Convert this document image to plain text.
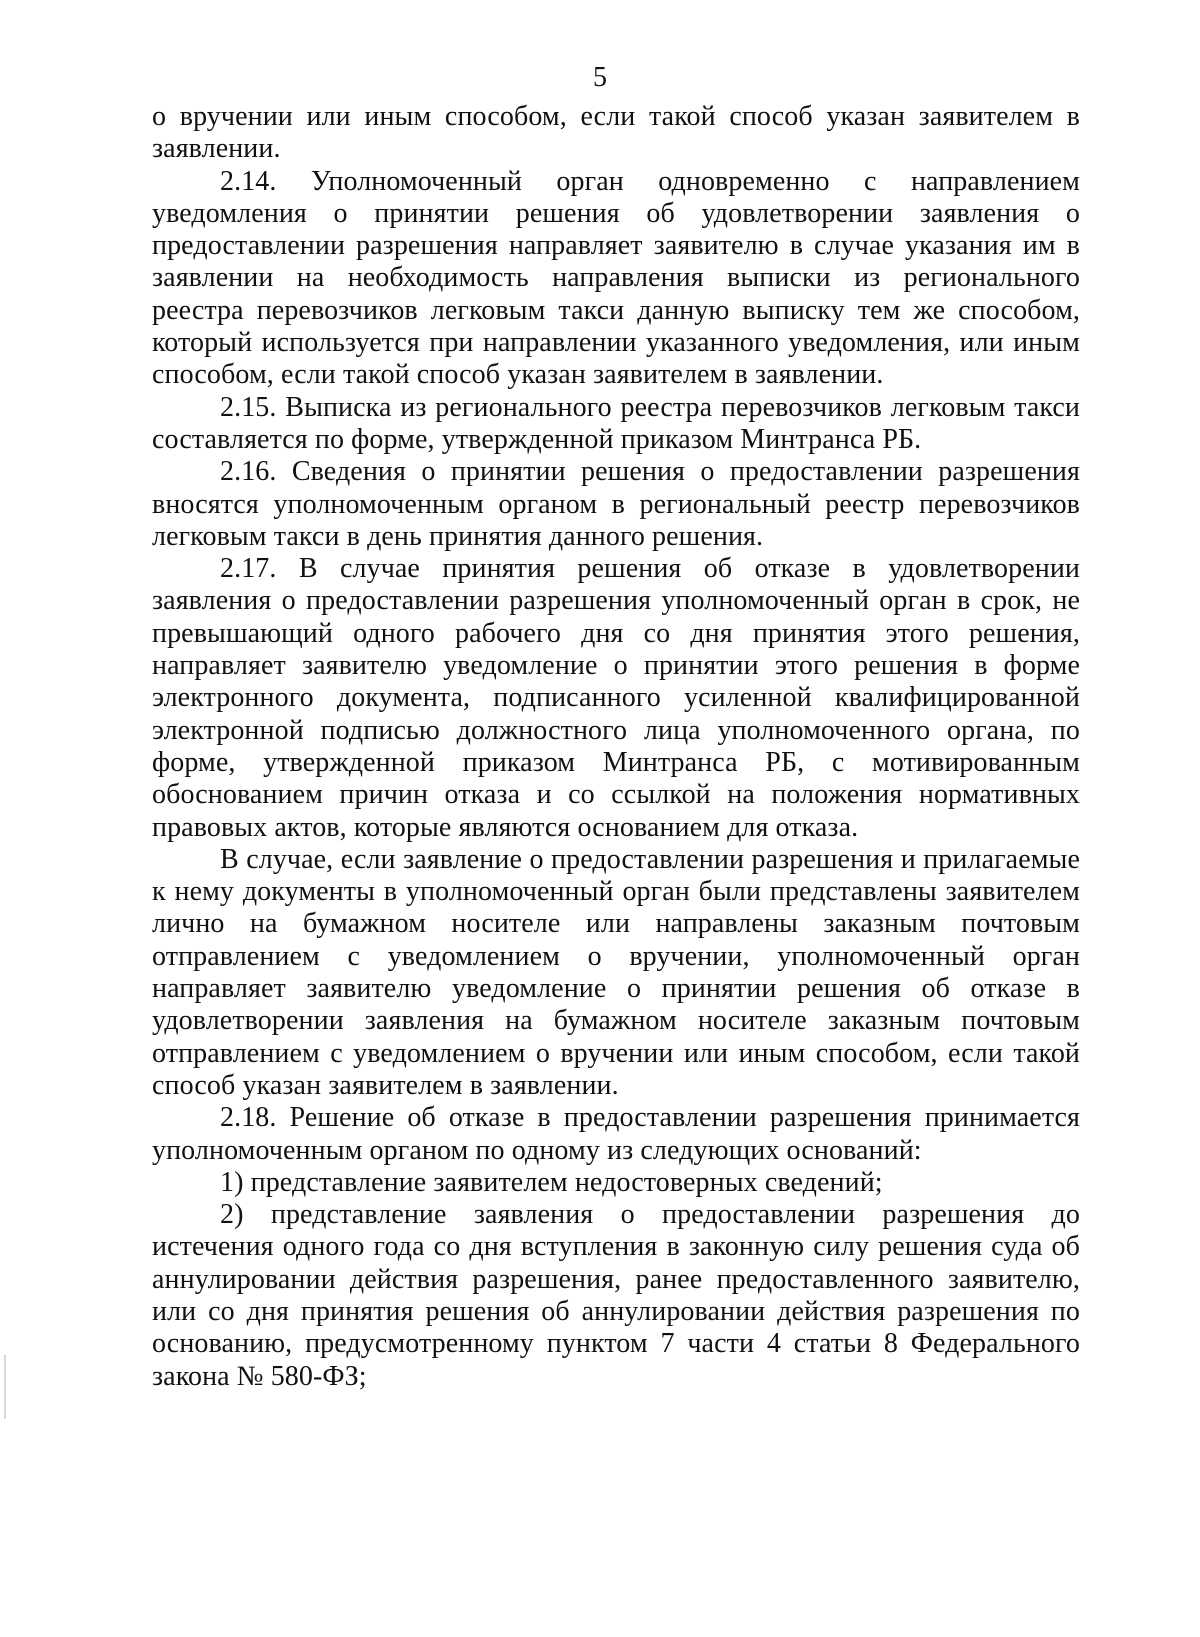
5

о вручении или иным способом, если такой способ указан заявителем в заявлении.

2.14. Уполномоченный орган одновременно с направлением уведомления о принятии решения об удовлетворении заявления о предоставлении разрешения направляет заявителю в случае указания им в заявлении на необходимость направления выписки из регионального реестра перевозчиков легковым такси данную выписку тем же способом, который используется при направлении указанного уведомления, или иным способом, если такой способ указан заявителем в заявлении.

2.15. Выписка из регионального реестра перевозчиков легковым такси составляется по форме, утвержденной приказом Минтранса РБ.

2.16. Сведения о принятии решения о предоставлении разрешения вносятся уполномоченным органом в региональный реестр перевозчиков легковым такси в день принятия данного решения.

2.17. В случае принятия решения об отказе в удовлетворении заявления о предоставлении разрешения уполномоченный орган в срок, не превышающий одного рабочего дня со дня принятия этого решения, направляет заявителю уведомление о принятии этого решения в форме электронного документа, подписанного усиленной квалифицированной электронной подписью должностного лица уполномоченного органа, по форме, утвержденной приказом Минтранса РБ, с мотивированным обоснованием причин отказа и со ссылкой на положения нормативных правовых актов, которые являются основанием для отказа.

В случае, если заявление о предоставлении разрешения и прилагаемые к нему документы в уполномоченный орган были представлены заявителем лично на бумажном носителе или направлены заказным почтовым отправлением с уведомлением о вручении, уполномоченный орган направляет заявителю уведомление о принятии решения об отказе в удовлетворении заявления на бумажном носителе заказным почтовым отправлением с уведомлением о вручении или иным способом, если такой способ указан заявителем в заявлении.

2.18. Решение об отказе в предоставлении разрешения принимается уполномоченным органом по одному из следующих оснований:

1) представление заявителем недостоверных сведений;

2) представление заявления о предоставлении разрешения до истечения одного года со дня вступления в законную силу решения суда об аннулировании действия разрешения, ранее предоставленного заявителю, или со дня принятия решения об аннулировании действия разрешения по основанию, предусмотренному пунктом 7 части 4 статьи 8 Федерального закона № 580-ФЗ;
